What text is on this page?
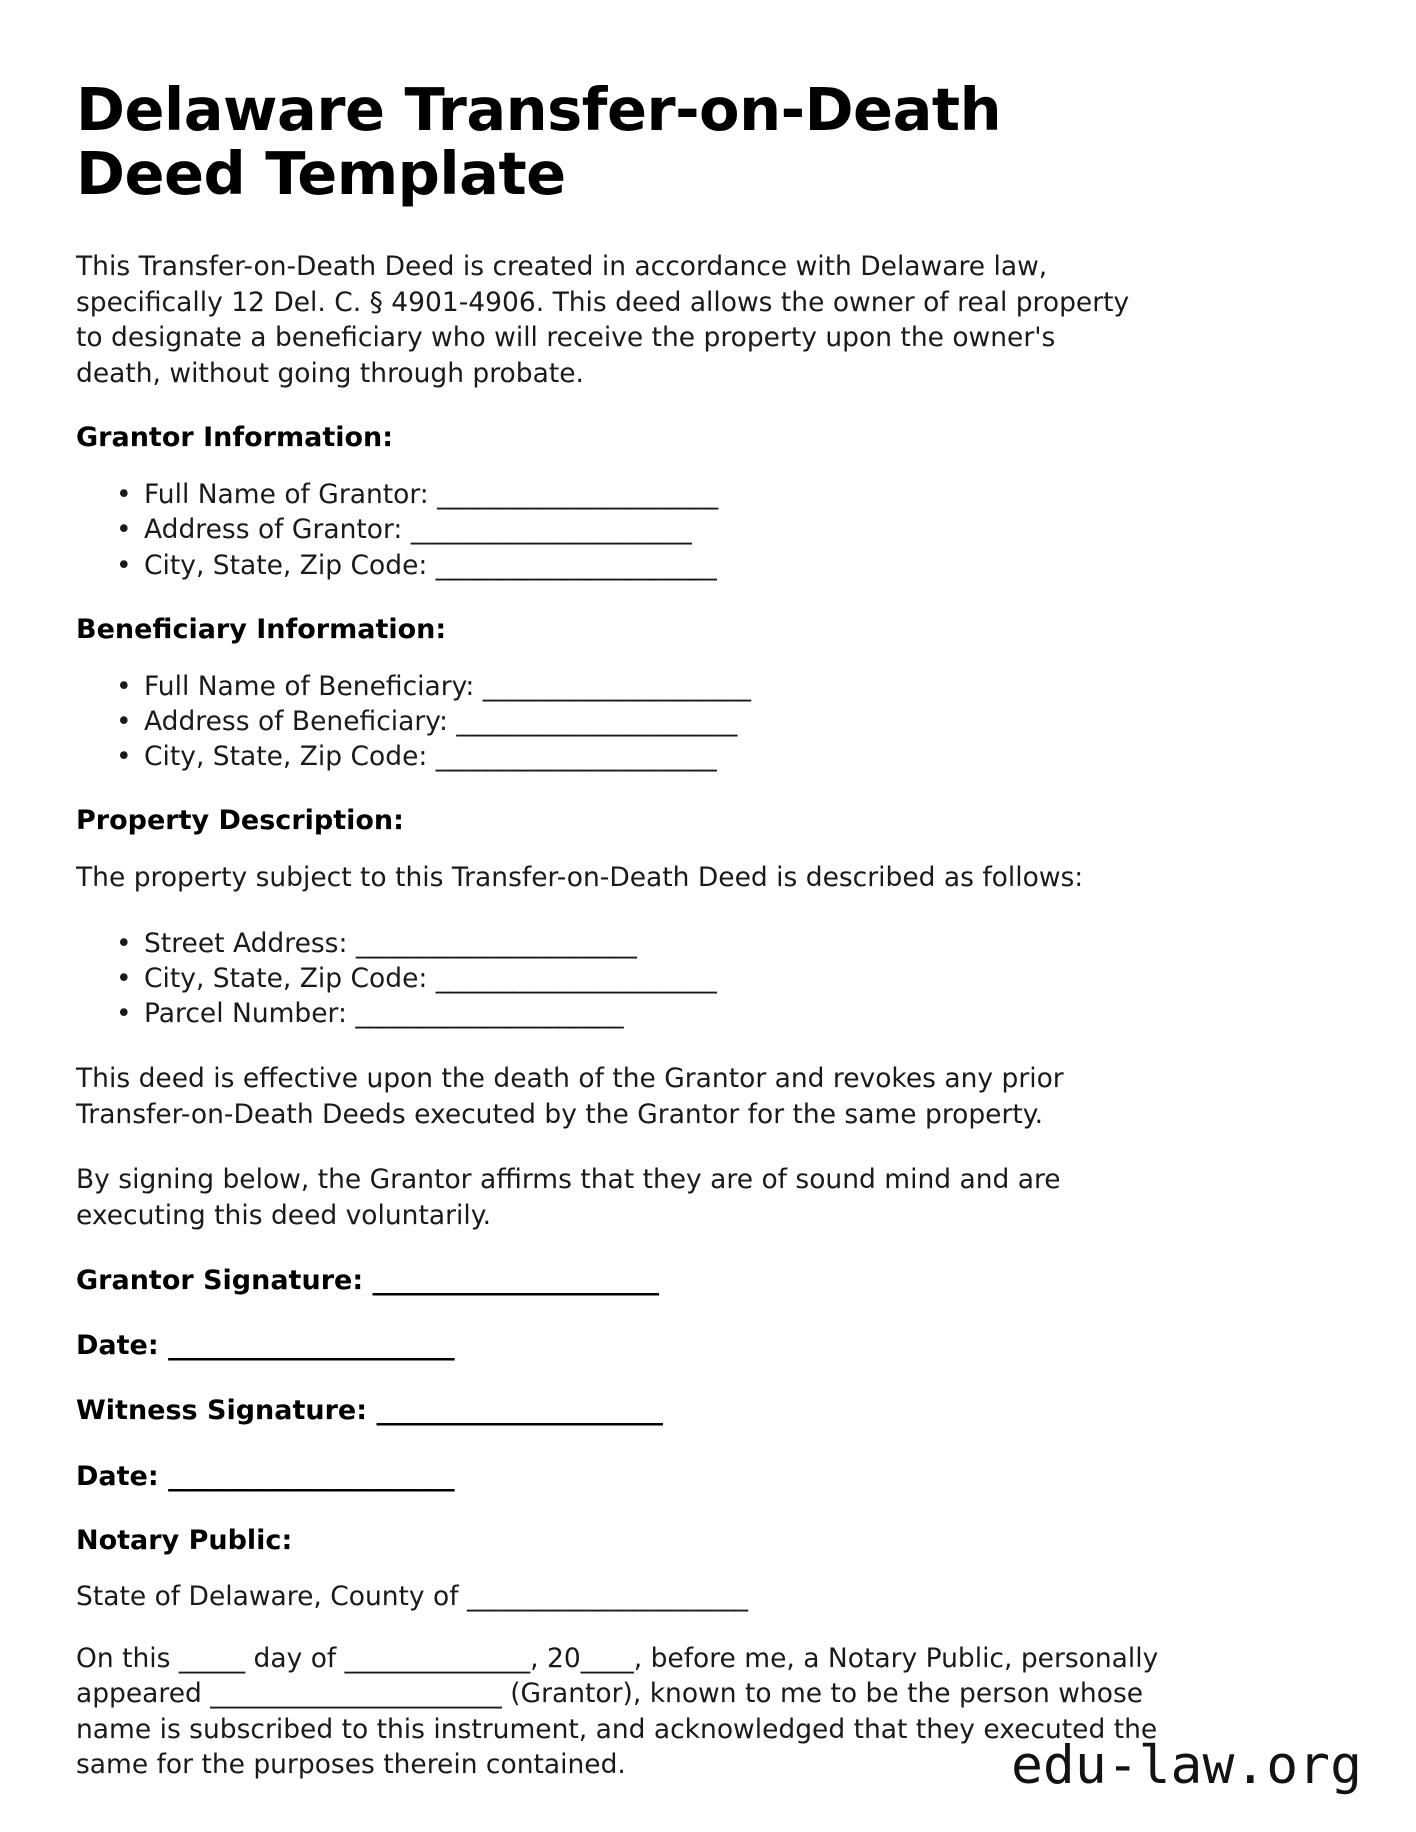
Delaware Transfer-on-Death Deed Template

This Transfer-on-Death Deed is created in accordance with Delaware law, specifically 12 Del. C. § 4901-4906. This deed allows the owner of real property to designate a beneficiary who will receive the property upon the owner's death, without going through probate.

Grantor Information:
• Full Name of Grantor: ______________________
• Address of Grantor: ______________________
• City, State, Zip Code: ______________________
Beneficiary Information:
• Full Name of Beneficiary: _____________________
• Address of Beneficiary: ______________________
• City, State, Zip Code: ______________________
Property Description:

The property subject to this Transfer-on-Death Deed is described as follows:

• Street Address: ______________________
• City, State, Zip Code: ______________________
• Parcel Number: _____________________

This deed is effective upon the death of the Grantor and revokes any prior Transfer-on-Death Deeds executed by the Grantor for the same property.

By signing below, the Grantor affirms that they are of sound mind and are executing this deed voluntarily.

Grantor Signature: ______________________
Date: ______________________
Witness Signature: ______________________
Date: ______________________
Notary Public:

State of Delaware, County of ______________________

On this _____ day of ______________, 20____, before me, a Notary Public, personally appeared ______________________ (Grantor), known to me to be the person whose name is subscribed to this instrument, and acknowledged that they executed the same for the purposes therein contained.	edu-law.org
